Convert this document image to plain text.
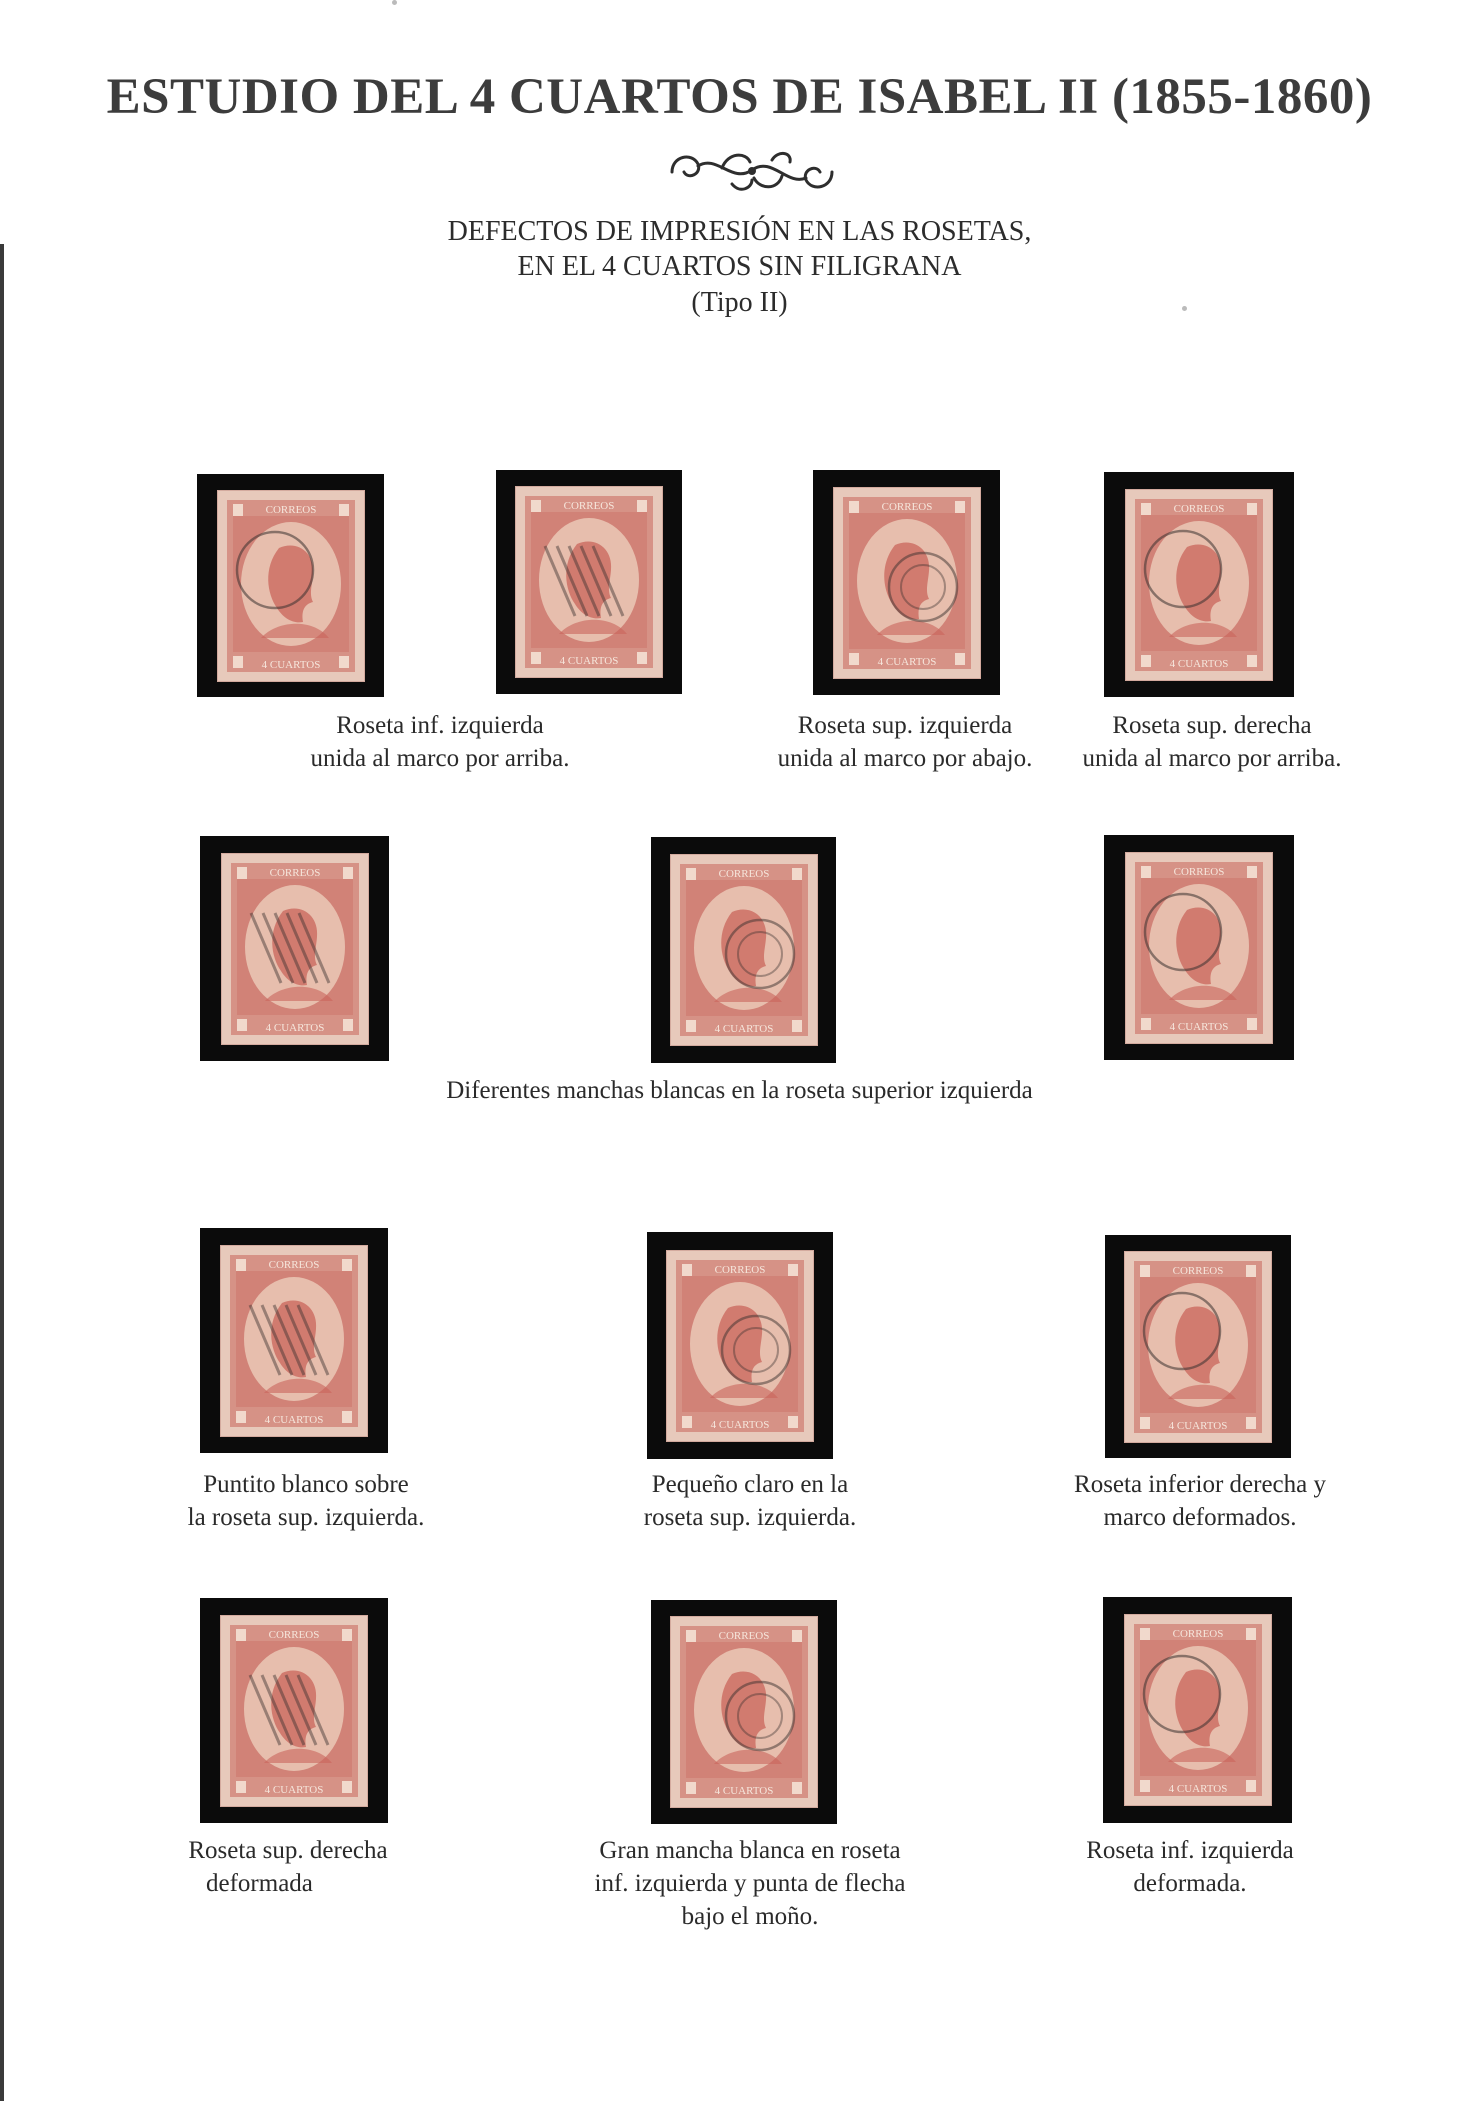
ESTUDIO DEL 4 CUARTOS DE ISABEL II (1855-1860)
DEFECTOS DE IMPRESIÓN EN LAS ROSETAS,
EN EL 4 CUARTOS SIN FILIGRANA
(Tipo II)
CORREOS
4 CUARTOS
CORREOS
4 CUARTOS
CORREOS
4 CUARTOS
CORREOS
4 CUARTOS
Roseta inf. izquierda
unida al marco por arriba.
Roseta sup. izquierda
unida al marco por abajo.
Roseta sup. derecha
unida al marco por arriba.
CORREOS
4 CUARTOS
CORREOS
4 CUARTOS
CORREOS
4 CUARTOS
Diferentes manchas blancas en la roseta superior izquierda
CORREOS
4 CUARTOS
CORREOS
4 CUARTOS
CORREOS
4 CUARTOS
Puntito blanco sobre
la roseta sup. izquierda.
Pequeño claro en la
roseta sup. izquierda.
Roseta inferior derecha y
marco deformados.
CORREOS
4 CUARTOS
CORREOS
4 CUARTOS
CORREOS
4 CUARTOS
Roseta sup. derecha
deformada
Gran mancha blanca en roseta
inf. izquierda y punta de flecha
bajo el moño.
Roseta inf. izquierda
deformada.
